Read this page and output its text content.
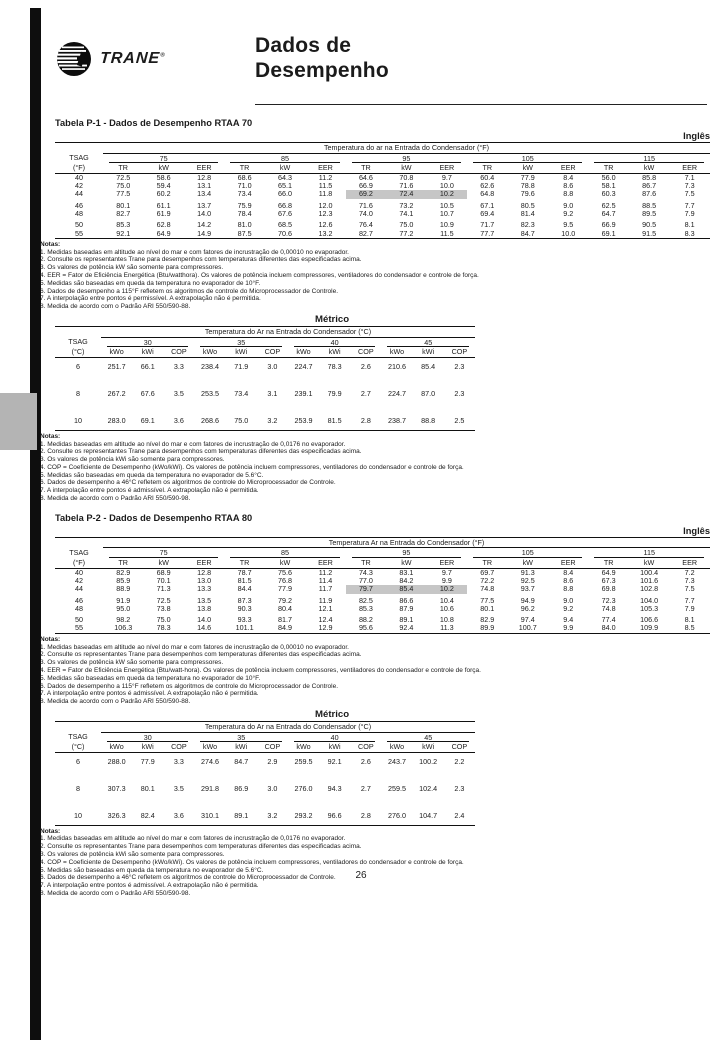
TRANE®	Dados de
Desempenho
Tabela P-1 - Dados de Desempenho RTAA 70
Inglês
	Temperatura do ar na Entrada do Condensador (°F)														
TSAG	75			85			95			105			115		
(°F)	TR	kW	EER	TR	kW	EER	TR	kW	EER	TR	kW	EER	TR	kW	EER
40	72.5	58.6	12.8	68.6	64.3	11.2	64.6	70.8	9.7	60.4	77.9	8.4	56.0	85.8	7.1
42	75.0	59.4	13.1	71.0	65.1	11.5	66.9	71.6	10.0	62.6	78.8	8.6	58.1	86.7	7.3
44	77.5	60.2	13.4	73.4	66.0	11.8	69.2	72.4	10.2	64.8	79.6	8.8	60.3	87.6	7.5
46	80.1	61.1	13.7	75.9	66.8	12.0	71.6	73.2	10.5	67.1	80.5	9.0	62.5	88.5	7.7
48	82.7	61.9	14.0	78.4	67.6	12.3	74.0	74.1	10.7	69.4	81.4	9.2	64.7	89.5	7.9
50	85.3	62.8	14.2	81.0	68.5	12.6	76.4	75.0	10.9	71.7	82.3	9.5	66.9	90.5	8.1
55	92.1	64.9	14.9	87.5	70.6	13.2	82.7	77.2	11.5	77.7	84.7	10.0	69.1	91.5	8.3
Notas:
1. Medidas baseadas em altitude ao nível do mar e com fatores de incrustração de 0,00010 no evaporador.
2. Consulte os representantes Trane para desempenhos com temperaturas diferentes das especificadas acima.
3. Os valores de potência kW são somente para compressores.
4. EER = Fator de Eficiência Energética (Btu/watthora). Os valores de potência incluem compressores, ventiladores do condensador e controle de força.
5. Medidas são baseadas em queda da temperatura no evaporador de 10°F.
6. Dados de desempenho a 115°F refletem os algoritmos de controle do Microprocessador de Controle.
7. A interpolação entre pontos é permissível. A extrapolação não é permitida.
8. Medida de acordo com o Padrão ARI 550/590-88.
Métrico
	Temperatura do Ar na Entrada do Condensador (°C)											
TSAG	30			35			40			45		
(°C)	kWo	kWi	COP	kWo	kWi	COP	kWo	kWi	COP	kWo	kWi	COP
6	251.7	66.1	3.3	238.4	71.9	3.0	224.7	78.3	2.6	210.6	85.4	2.3
8	267.2	67.6	3.5	253.5	73.4	3.1	239.1	79.9	2.7	224.7	87.0	2.3
10	283.0	69.1	3.6	268.6	75.0	3.2	253.9	81.5	2.8	238.7	88.8	2.5
Notas:
1. Medidas baseadas em altitude ao nível do mar e com fatores de incrustração de 0,0176 no evaporador.
2. Consulte os representantes Trane para desempenhos com temperaturas diferentes das especificadas acima.
3. Os valores de potência kWi são somente para compressores.
4. COP = Coeficiente de Desempenho (kWo/kWi). Os valores de potência incluem compressores, ventiladores do condensador e controle de força.
5. Medidas são baseadas em queda da temperatura no evaporador de 5.6°C.
6. Dados de desempenho a 46°C refletem os algoritmos de controle do Microprocessador de Controle.
7. A interpolação entre pontos é admissível. A extrapolação não é permitida.
8. Medida de acordo com o Padrão ARI 550/590-98.
Tabela P-2 - Dados de Desempenho RTAA 80
Inglês
	Temperatura Ar na Entrada do Condensador (°F)														
TSAG	75			85			95			105			115		
(°F)	TR	kW	EER	TR	kW	EER	TR	kW	EER	TR	kW	EER	TR	kW	EER
40	82.9	68.9	12.8	78.7	75.6	11.2	74.3	83.1	9.7	69.7	91.3	8.4	64.9	100.4	7.2
42	85.9	70.1	13.0	81.5	76.8	11.4	77.0	84.2	9.9	72.2	92.5	8.6	67.3	101.6	7.3
44	88.9	71.3	13.3	84.4	77.9	11.7	79.7	85.4	10.2	74.8	93.7	8.8	69.8	102.8	7.5
46	91.9	72.5	13.5	87.3	79.2	11.9	82.5	86.6	10.4	77.5	94.9	9.0	72.3	104.0	7.7
48	95.0	73.8	13.8	90.3	80.4	12.1	85.3	87.9	10.6	80.1	96.2	9.2	74.8	105.3	7.9
50	98.2	75.0	14.0	93.3	81.7	12.4	88.2	89.1	10.8	82.9	97.4	9.4	77.4	106.6	8.1
55	106.3	78.3	14.6	101.1	84.9	12.9	95.6	92.4	11.3	89.9	100.7	9.9	84.0	109.9	8.5
Notas:
1. Medidas baseadas em altitude ao nível do mar e com fatores de incrustração de 0,00010 no evaporador.
2. Consulte os representantes Trane para desempenhos com temperaturas diferentes das especificadas acima.
3. Os valores de potência kW são somente para compressores.
4. EER = Fator de Eficiência Energética (Btu/watt-hora). Os valores de potência incluem compressores, ventiladores do condensador e controle de força.
5. Medidas são baseadas em queda da temperatura no evaporador de 10°F.
6. Dados de desempenho a 115°F refletem os algoritmos de controle do Microprocessador de Controle.
7. A interpolação entre pontos é admissível. A extrapolação não é permitida.
8. Medida de acordo com o Padrão ARI 550/590-88.
Métrico
	Temperatura do Ar na Entrada do Condensador (°C)											
TSAG	30			35			40			45		
(°C)	kWo	kWi	COP	kWo	kWi	COP	kWo	kWi	COP	kWo	kWi	COP
6	288.0	77.9	3.3	274.6	84.7	2.9	259.5	92.1	2.6	243.7	100.2	2.2
8	307.3	80.1	3.5	291.8	86.9	3.0	276.0	94.3	2.7	259.5	102.4	2.3
10	326.3	82.4	3.6	310.1	89.1	3.2	293.2	96.6	2.8	276.0	104.7	2.4
Notas:
1. Medidas baseadas em altitude ao nível do mar e com fatores de incrustração de 0,0176 no evaporador.
2. Consulte os representantes Trane para desempenhos com temperaturas diferentes das especificadas acima.
3. Os valores de potência kWi são somente para compressores.
4. COP = Coeficiente de Desempenho (kWo/kWi). Os valores de potência incluem compressores, ventiladores do condensador e controle de força.
5. Medidas são baseadas em queda da temperatura no evaporador de 5.6°C.
6. Dados de desempenho a 46°C refletem os algoritmos de controle do Microprocessador de Controle.
7. A interpolação entre pontos é admissível. A extrapolação não é permitida.
8. Medida de acordo com o Padrão ARI 550/590-98.
26
